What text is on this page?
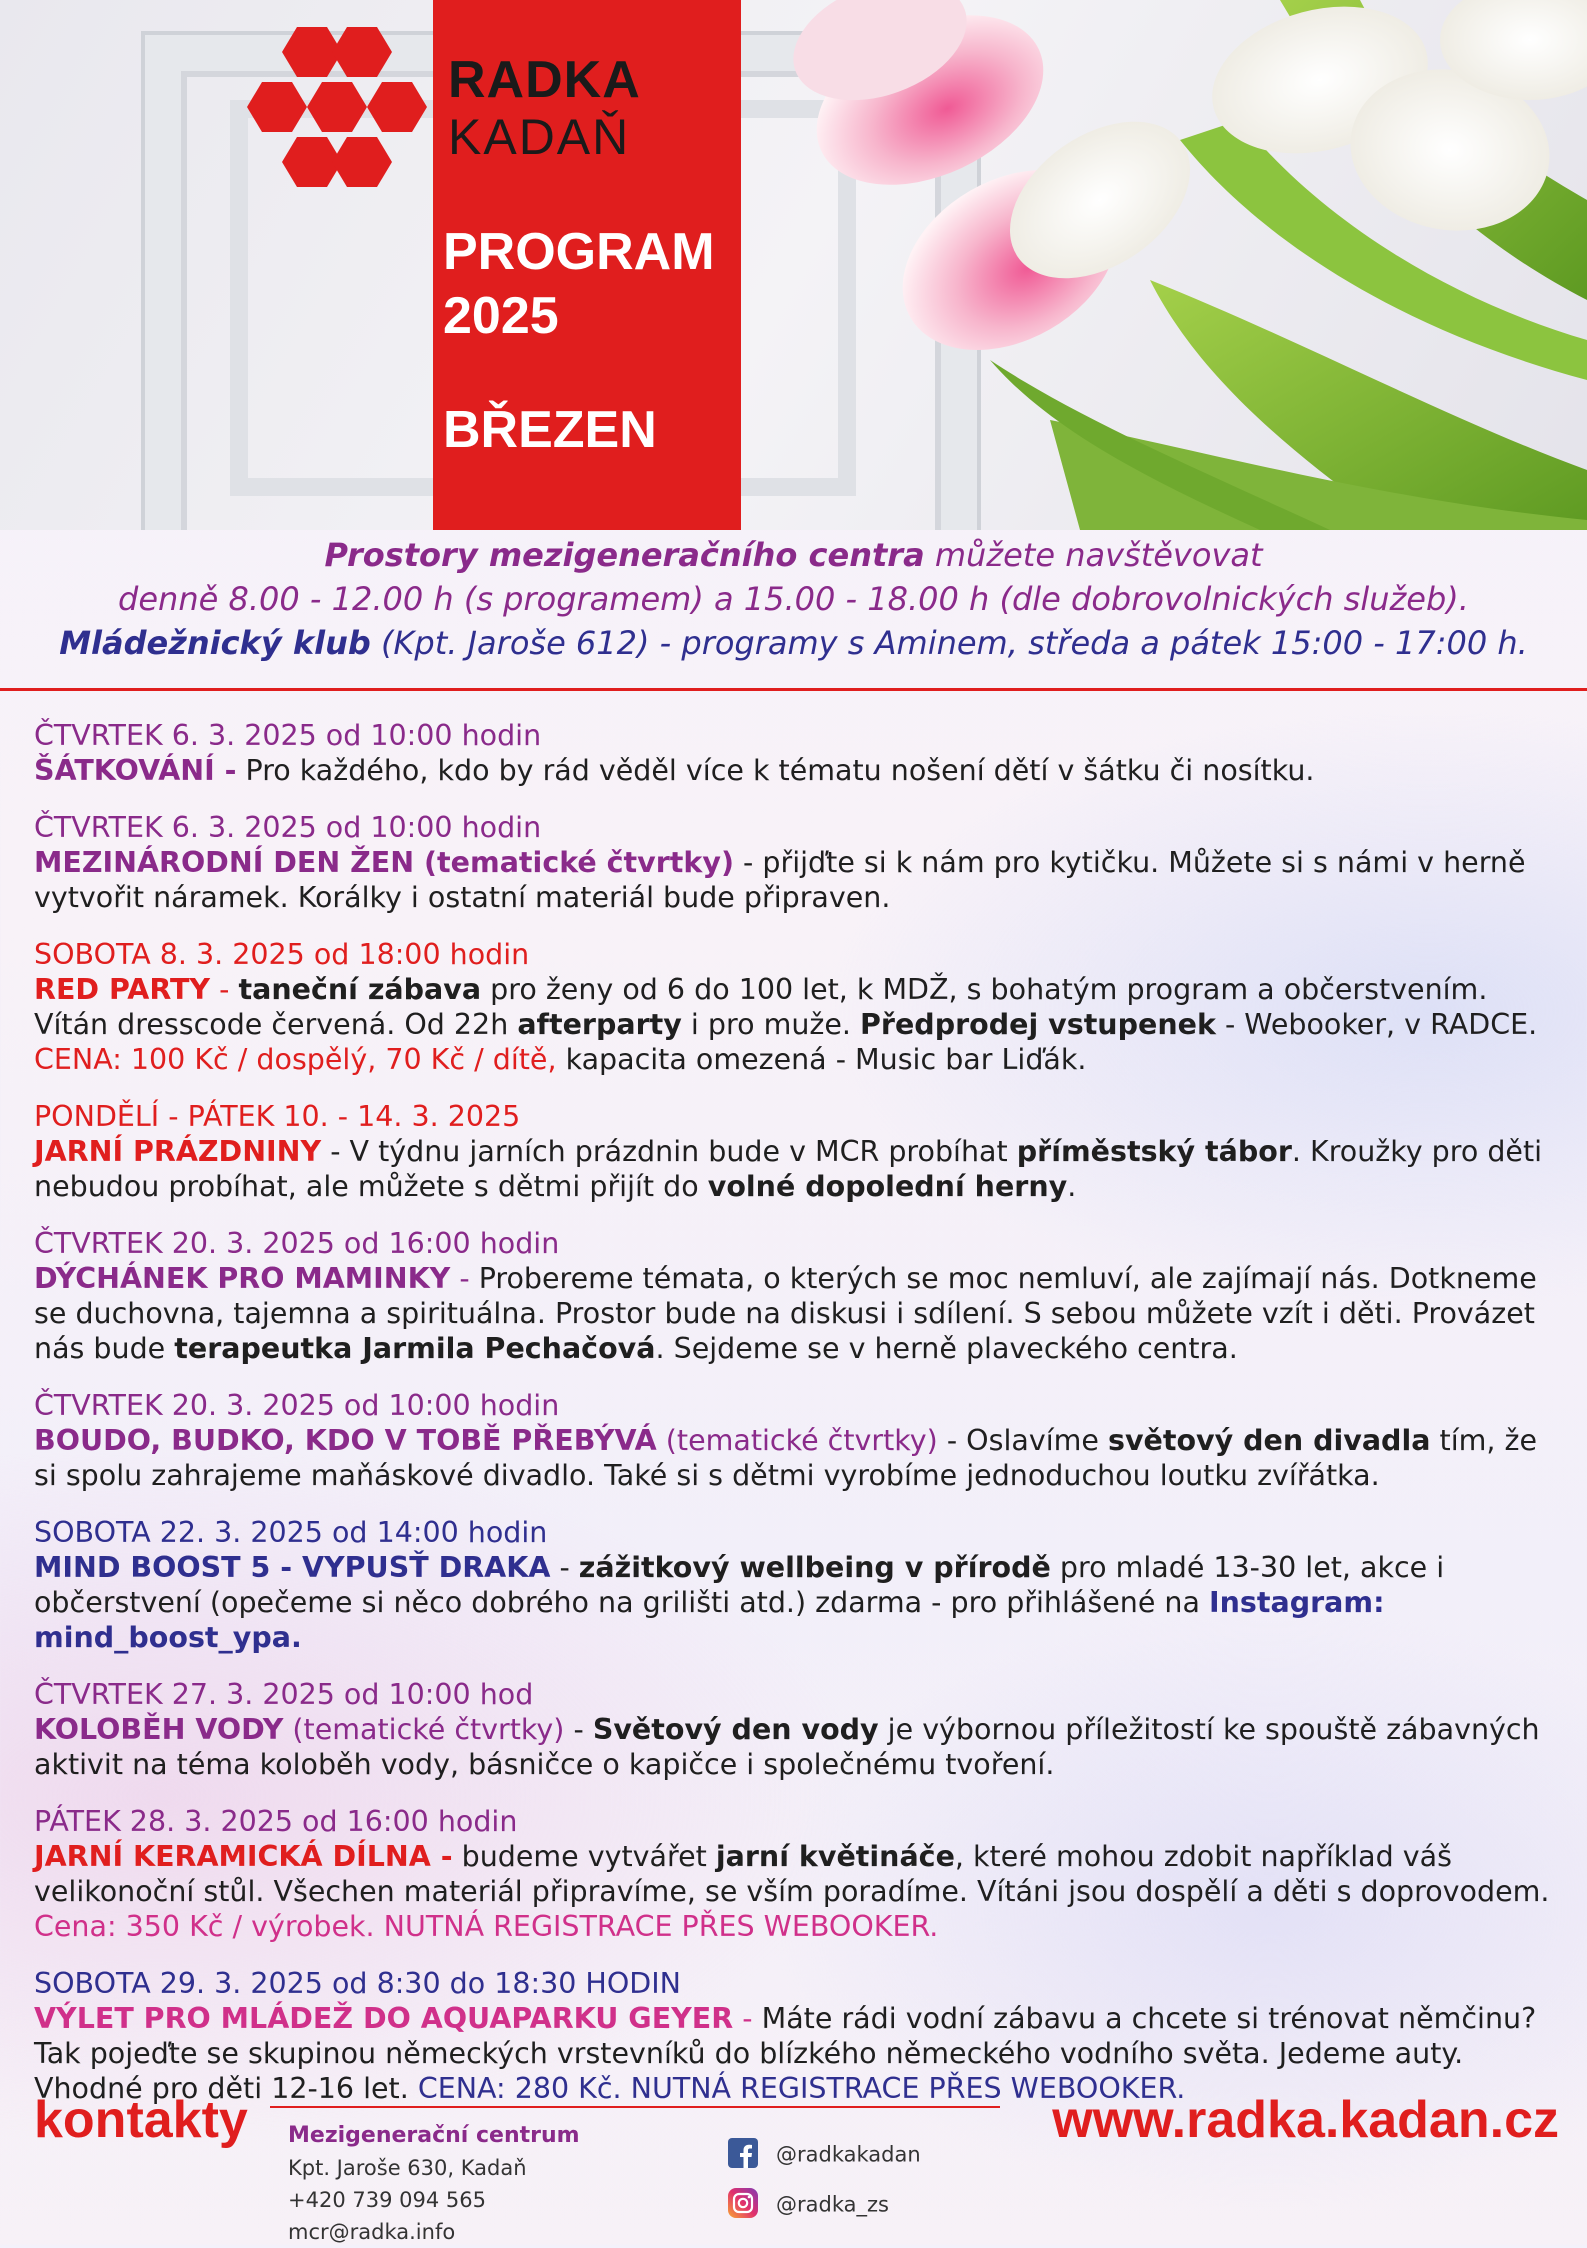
RADKA
KADAŇ
PROGRAM
2025
BŘEZEN
Prostory mezigeneračního centra můžete navštěvovat
denně 8.00 - 12.00 h (s programem) a 15.00 - 18.00 h (dle dobrovolnických služeb).
Mládežnický klub (Kpt. Jaroše 612) - programy s Aminem, středa a pátek 15:00 - 17:00 h.
ČTVRTEK 6. 3. 2025 od 10:00 hodin
ŠÁTKOVÁNÍ - Pro každého, kdo by rád věděl více k tématu nošení dětí v šátku či nosítku.
ČTVRTEK 6. 3. 2025 od 10:00 hodin
MEZINÁRODNÍ DEN ŽEN (tematické čtvrtky) - přijďte si k nám pro kytičku. Můžete si s námi v herně vytvořit náramek. Korálky i ostatní materiál bude připraven.
SOBOTA 8. 3. 2025 od 18:00 hodin
RED PARTY - taneční zábava pro ženy od 6 do 100 let, k MDŽ, s bohatým program a občerstvením. Vítán dresscode červená. Od 22h afterparty i pro muže. Předprodej vstupenek - Webooker, v RADCE.
CENA: 100 Kč / dospělý, 70 Kč / dítě, kapacita omezená - Music bar Liďák.
PONDĚLÍ - PÁTEK 10. - 14. 3. 2025
JARNÍ PRÁZDNINY - V týdnu jarních prázdnin bude v MCR probíhat příměstský tábor. Kroužky pro děti nebudou probíhat, ale můžete s dětmi přijít do volné dopolední herny.
ČTVRTEK 20. 3. 2025 od 16:00 hodin
DÝCHÁNEK PRO MAMINKY - Probereme témata, o kterých se moc nemluví, ale zajímají nás. Dotkneme se duchovna, tajemna a spirituálna. Prostor bude na diskusi i sdílení. S sebou můžete vzít i děti. Provázet nás bude terapeutka Jarmila Pechačová. Sejdeme se v herně plaveckého centra.
ČTVRTEK 20. 3. 2025 od 10:00 hodin
BOUDO, BUDKO, KDO V TOBĚ PŘEBÝVÁ (tematické čtvrtky) - Oslavíme světový den divadla tím, že si spolu zahrajeme maňáskové divadlo. Také si s dětmi vyrobíme jednoduchou loutku zvířátka.
SOBOTA 22. 3. 2025 od 14:00 hodin
MIND BOOST 5 - VYPUSŤ DRAKA - zážitkový wellbeing v přírodě pro mladé 13-30 let, akce i občerstvení (opečeme si něco dobrého na grilišti atd.) zdarma - pro přihlášené na Instagram: mind_boost_ypa.
ČTVRTEK 27. 3. 2025 od 10:00 hod
KOLOBĚH VODY (tematické čtvrtky) - Světový den vody je výbornou příležitostí ke spouště zábavných aktivit na téma koloběh vody, básničce o kapičce i společnému tvoření.
PÁTEK 28. 3. 2025 od 16:00 hodin
JARNÍ KERAMICKÁ DÍLNA - budeme vytvářet jarní květináče, které mohou zdobit například váš velikonoční stůl. Všechen materiál připravíme, se vším poradíme. Vítáni jsou dospělí a děti s doprovodem.
Cena: 350 Kč / výrobek. NUTNÁ REGISTRACE PŘES WEBOOKER.
SOBOTA 29. 3. 2025 od 8:30 do 18:30 HODIN
VÝLET PRO MLÁDEŽ DO AQUAPARKU GEYER - Máte rádi vodní zábavu a chcete si trénovat němčinu? Tak pojeďte se skupinou německých vrstevníků do blízkého německého vodního světa. Jedeme auty. Vhodné pro děti 12-16 let. CENA: 280 Kč. NUTNÁ REGISTRACE PŘES WEBOOKER.
kontakty	www.radka.kadan.cz
Mezigenerační centrum
Kpt. Jaroše 630, Kadaň
+420 739 094 565
mcr@radka.info
@radkakadan
@radka_zs
